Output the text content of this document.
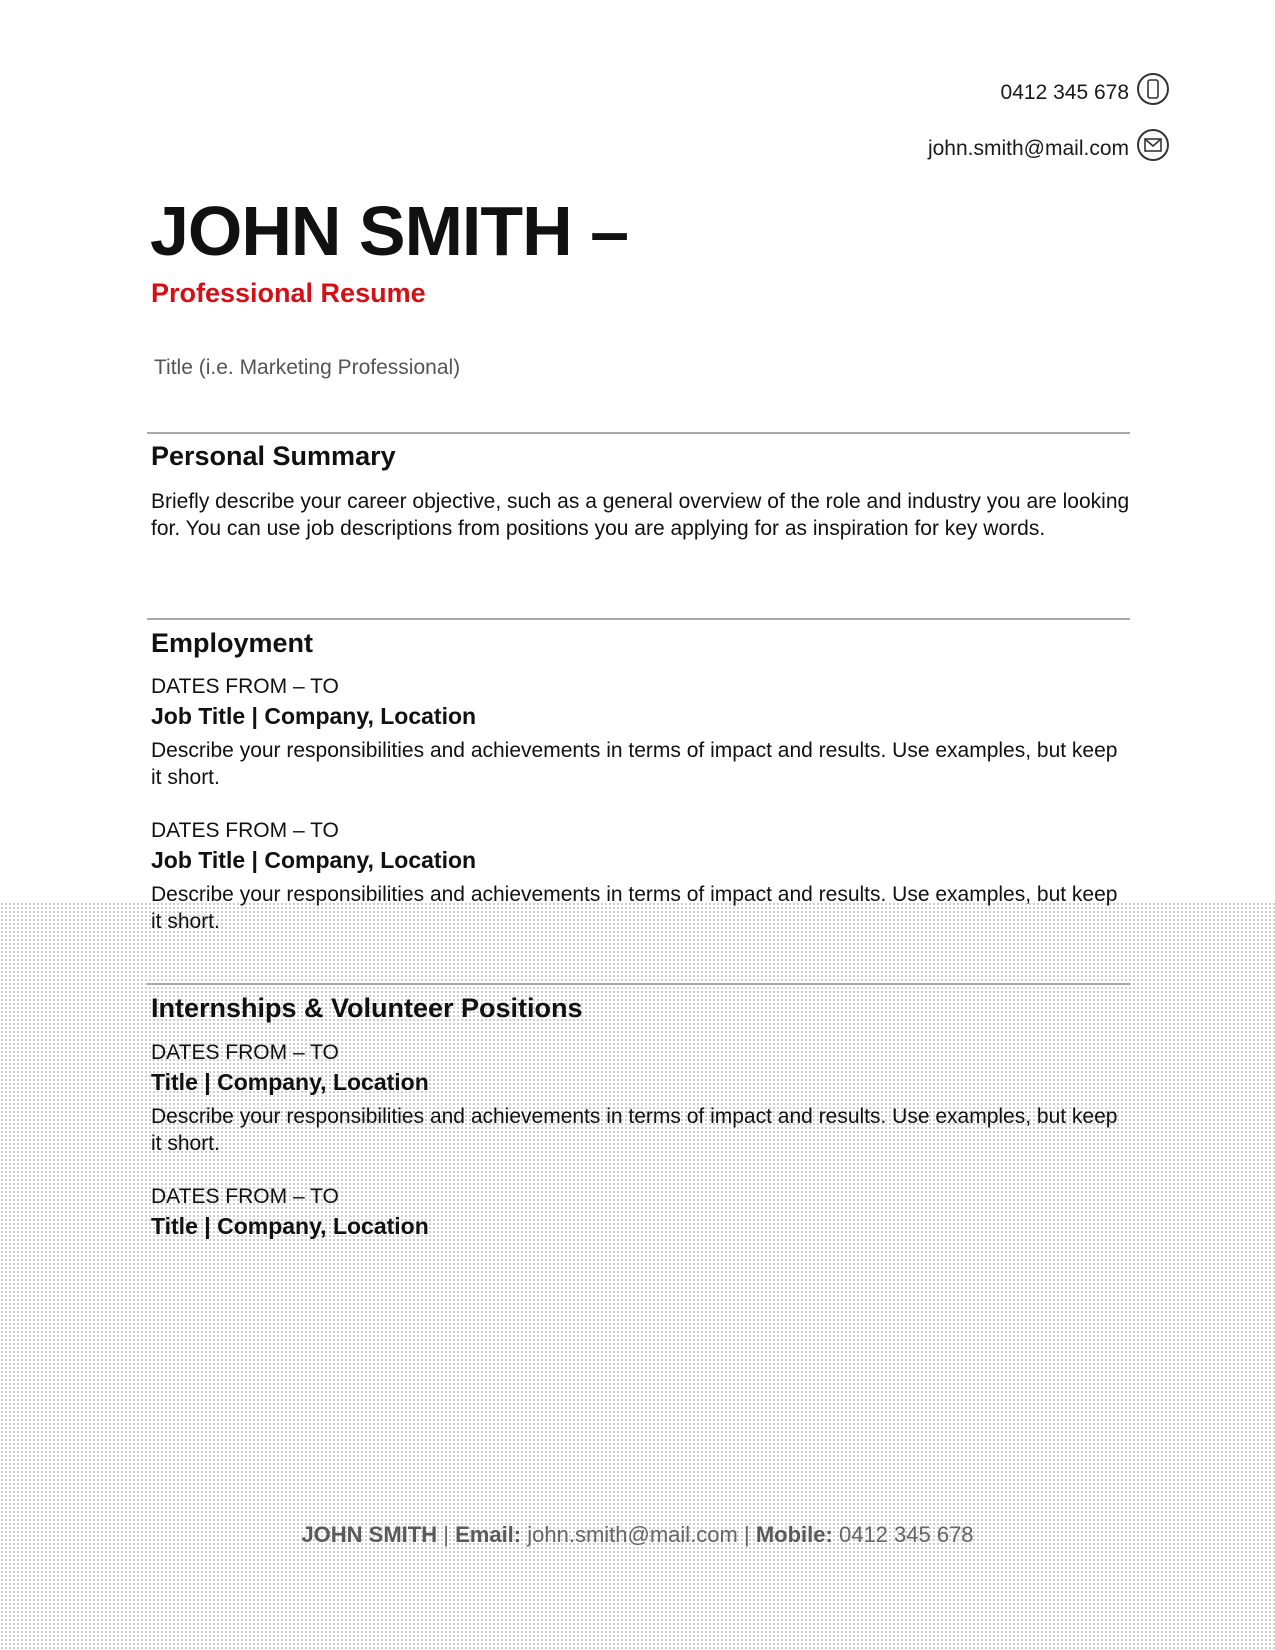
0412 345 678
john.smith@mail.com
JOHN SMITH –
Professional Resume
Title (i.e. Marketing Professional)
Personal Summary

Briefly describe your career objective, such as a general overview of the role and industry you are looking for. You can use job descriptions from positions you are applying for as inspiration for key words.

Employment
DATES FROM – TO
Job Title | Company, Location

Describe your responsibilities and achievements in terms of impact and results. Use examples, but keep it short.

DATES FROM – TO
Job Title | Company, Location

Describe your responsibilities and achievements in terms of impact and results. Use examples, but keep it short.

Internships & Volunteer Positions
DATES FROM – TO
Title | Company, Location

Describe your responsibilities and achievements in terms of impact and results. Use examples, but keep it short.

DATES FROM – TO
Title | Company, Location
JOHN SMITH | Email: john.smith@mail.com | Mobile: 0412 345 678
